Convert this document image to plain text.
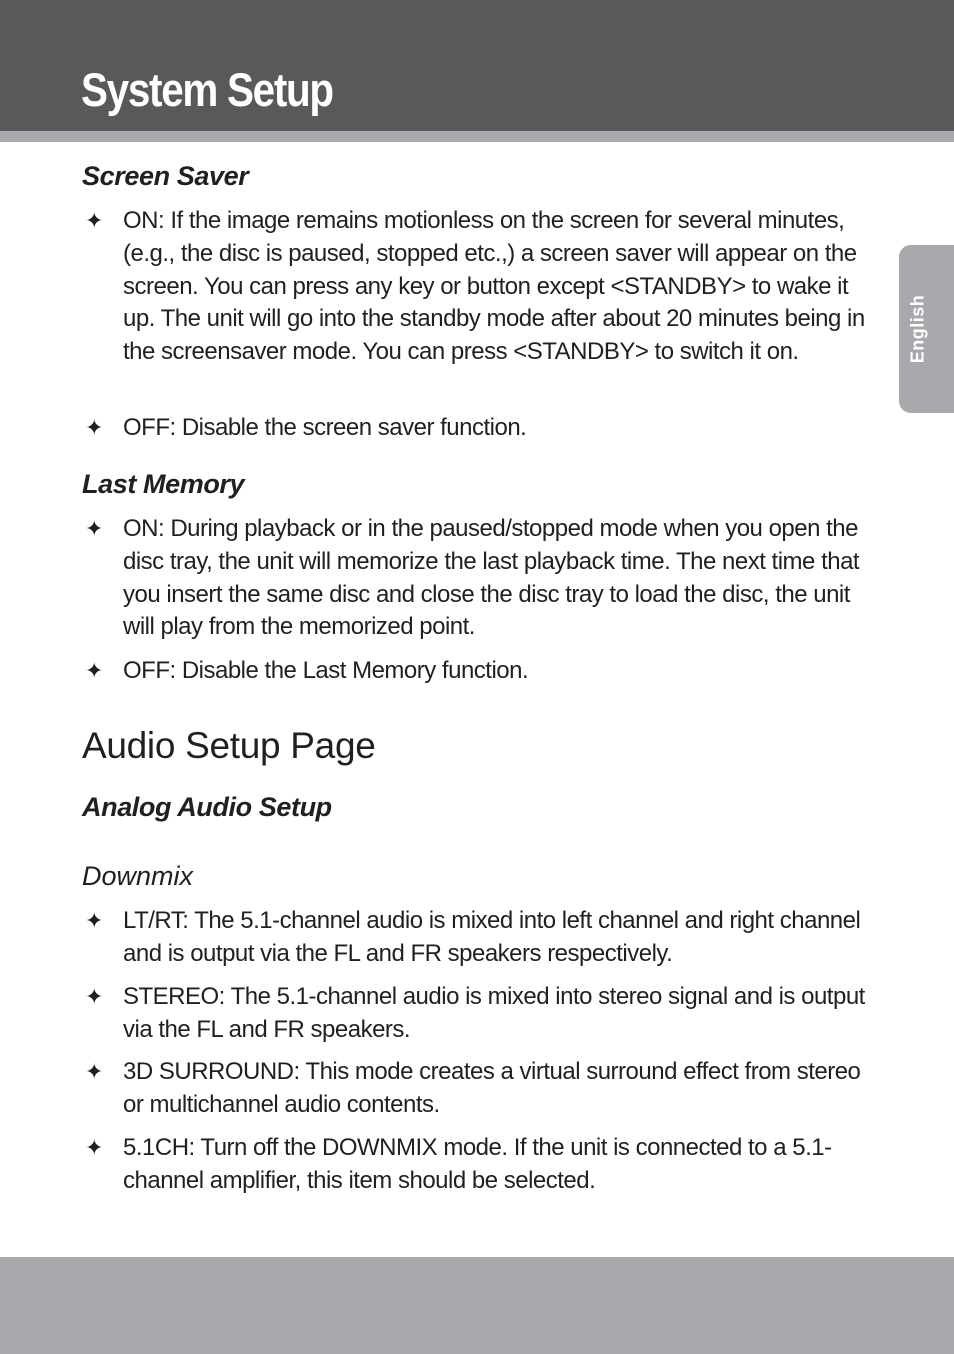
System Setup
English
Screen Saver
✦ ON: If the image remains motionless on the screen for several minutes, (e.g., the disc is paused, stopped etc.,) a screen saver will appear on the screen. You can press any key or button except <STANDBY> to wake it up. The unit will go into the standby mode after about 20 minutes being in the screensaver mode. You can press <STANDBY> to switch it on.
✦ OFF: Disable the screen saver function.
Last Memory
✦ ON: During playback or in the paused/stopped mode when you open the disc tray, the unit will memorize the last playback time. The next time that you insert the same disc and close the disc tray to load the disc, the unit will play from the memorized point.
✦ OFF: Disable the Last Memory function.
Audio Setup Page
Analog Audio Setup
Downmix
✦ LT/RT: The 5.1-channel audio is mixed into left channel and right channel and is output via the FL and FR speakers respectively.
✦ STEREO: The 5.1-channel audio is mixed into stereo signal and is output via the FL and FR speakers.
✦ 3D SURROUND: This mode creates a virtual surround effect from stereo or multichannel audio contents.
✦ 5.1CH: Turn off the DOWNMIX mode. If the unit is connected to a 5.1-channel amplifier, this item should be selected.
